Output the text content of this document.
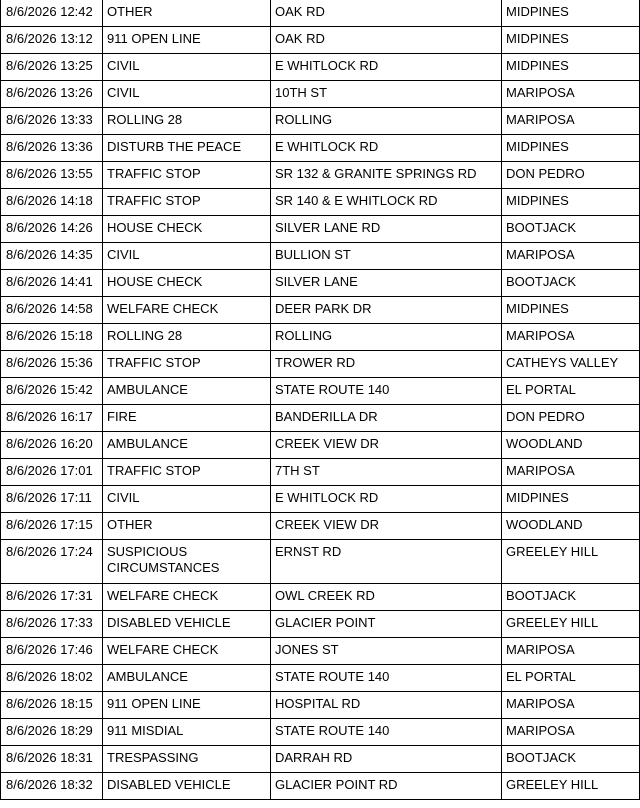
8/6/2026 12:42	OTHER	OAK RD	MIDPINES
8/6/2026 13:12	911 OPEN LINE	OAK RD	MIDPINES
8/6/2026 13:25	CIVIL	E WHITLOCK RD	MIDPINES
8/6/2026 13:26	CIVIL	10TH ST	MARIPOSA
8/6/2026 13:33	ROLLING 28	ROLLING	MARIPOSA
8/6/2026 13:36	DISTURB THE PEACE	E WHITLOCK RD	MIDPINES
8/6/2026 13:55	TRAFFIC STOP	SR 132 & GRANITE SPRINGS RD	DON PEDRO
8/6/2026 14:18	TRAFFIC STOP	SR 140 & E WHITLOCK RD	MIDPINES
8/6/2026 14:26	HOUSE CHECK	SILVER LANE RD	BOOTJACK
8/6/2026 14:35	CIVIL	BULLION ST	MARIPOSA
8/6/2026 14:41	HOUSE CHECK	SILVER LANE	BOOTJACK
8/6/2026 14:58	WELFARE CHECK	DEER PARK DR	MIDPINES
8/6/2026 15:18	ROLLING 28	ROLLING	MARIPOSA
8/6/2026 15:36	TRAFFIC STOP	TROWER RD	CATHEYS VALLEY
8/6/2026 15:42	AMBULANCE	STATE ROUTE 140	EL PORTAL
8/6/2026 16:17	FIRE	BANDERILLA DR	DON PEDRO
8/6/2026 16:20	AMBULANCE	CREEK VIEW DR	WOODLAND
8/6/2026 17:01	TRAFFIC STOP	7TH ST	MARIPOSA
8/6/2026 17:11	CIVIL	E WHITLOCK RD	MIDPINES
8/6/2026 17:15	OTHER	CREEK VIEW DR	WOODLAND
8/6/2026 17:24	SUSPICIOUS CIRCUMSTANCES	ERNST RD	GREELEY HILL
8/6/2026 17:31	WELFARE CHECK	OWL CREEK RD	BOOTJACK
8/6/2026 17:33	DISABLED VEHICLE	GLACIER POINT	GREELEY HILL
8/6/2026 17:46	WELFARE CHECK	JONES ST	MARIPOSA
8/6/2026 18:02	AMBULANCE	STATE ROUTE 140	EL PORTAL
8/6/2026 18:15	911 OPEN LINE	HOSPITAL RD	MARIPOSA
8/6/2026 18:29	911 MISDIAL	STATE ROUTE 140	MARIPOSA
8/6/2026 18:31	TRESPASSING	DARRAH RD	BOOTJACK
8/6/2026 18:32	DISABLED VEHICLE	GLACIER POINT RD	GREELEY HILL
